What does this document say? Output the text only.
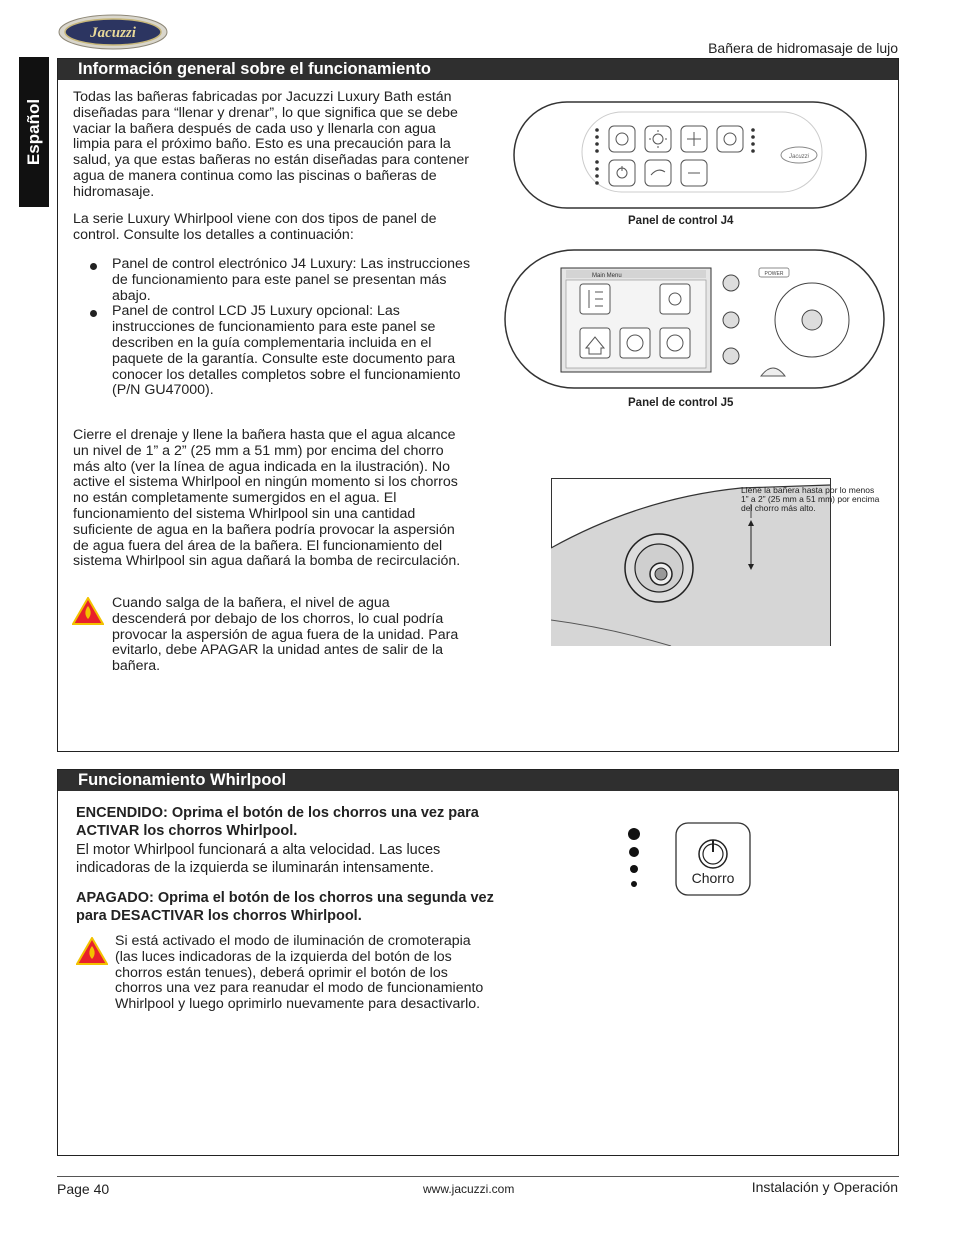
Jacuzzi
Bañera de hidromasaje de lujo
Español
Información general sobre el funcionamiento
Todas las bañeras fabricadas por Jacuzzi Luxury Bath están diseñadas para “llenar y drenar”, lo que significa que se debe vaciar la bañera después de cada uso y llenarla con agua limpia para el próximo baño. Esto es una precaución para la salud, ya que estas bañeras no están diseñadas para contener agua de manera continua como las piscinas o bañeras de hidromasaje.
La serie Luxury Whirlpool viene con dos tipos de panel de control. Consulte los detalles a continuación:
Panel de control electrónico J4 Luxury: Las instrucciones de funcionamiento para este panel se presentan más abajo.
Panel de control LCD J5 Luxury opcional: Las instrucciones de funcionamiento para este panel se describen en la guía complementaria incluida en el paquete de la garantía. Consulte este documento para conocer los detalles completos sobre el funcionamiento (P/N GU47000).
Cierre el drenaje y llene la bañera hasta que el agua alcance un nivel de 1” a 2” (25 mm a 51 mm) por encima del chorro más alto (ver la línea de agua indicada en la ilustración). No active el sistema Whirlpool en ningún momento si los chorros no están completamente sumergidos en el agua. El funcionamiento del sistema Whirlpool sin una cantidad suficiente de agua en la bañera podría provocar la aspersión de agua fuera del área de la bañera. El funcionamiento del sistema Whirlpool sin agua dañará la bomba de recirculación.
Cuando salga de la bañera, el nivel de agua descenderá por debajo de los chorros, lo cual podría provocar la aspersión de agua fuera de la unidad. Para evitarlo, debe APAGAR la unidad antes de salir de la bañera.
Jacuzzi
Panel de control J4
Main Menu	POWER
Panel de control J5
Llene la bañera hasta por lo menos 1” a 2” (25 mm a 51 mm) por encima del chorro más alto.
Funcionamiento Whirlpool
ENCENDIDO: Oprima el botón de los chorros una vez para ACTIVAR los chorros Whirlpool.
El motor Whirlpool funcionará a alta velocidad. Las luces indicadoras de la izquierda se iluminarán intensamente.
APAGADO: Oprima el botón de los chorros una segunda vez para DESACTIVAR los chorros Whirlpool.
Si está activado el modo de iluminación de cromoterapia (las luces indicadoras de la izquierda del botón de los chorros están tenues), deberá oprimir el botón de los chorros una vez para reanudar el modo de funcionamiento Whirlpool y luego oprimirlo nuevamente para desactivarlo.
Chorro
Page 40	www.jacuzzi.com	Instalación y Operación
